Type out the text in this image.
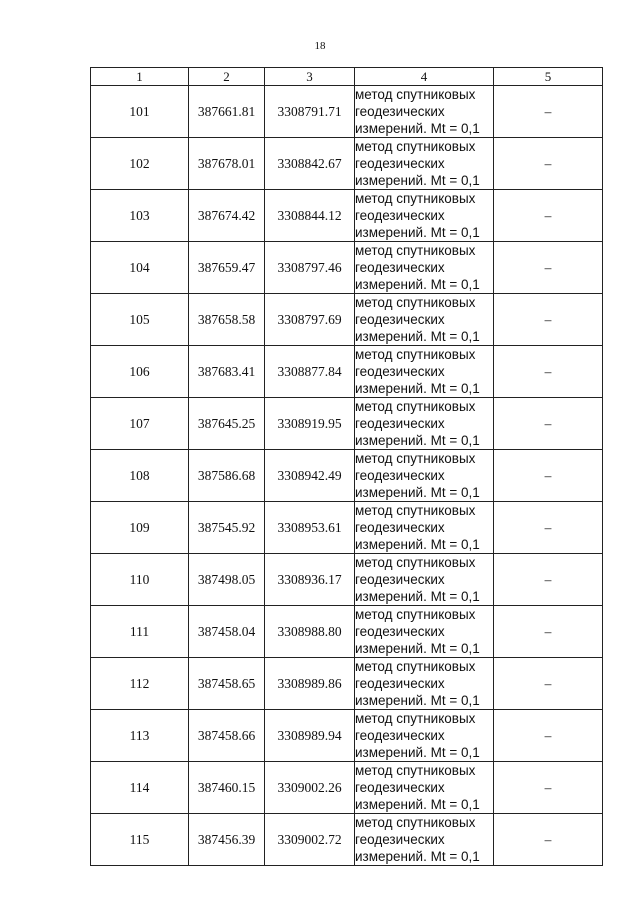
18
1	2	3	4	5
101	387661.81	3308791.71	метод спутниковых
геодезических
измерений. Mt = 0,1	–
102	387678.01	3308842.67	метод спутниковых
геодезических
измерений. Mt = 0,1	–
103	387674.42	3308844.12	метод спутниковых
геодезических
измерений. Mt = 0,1	–
104	387659.47	3308797.46	метод спутниковых
геодезических
измерений. Mt = 0,1	–
105	387658.58	3308797.69	метод спутниковых
геодезических
измерений. Mt = 0,1	–
106	387683.41	3308877.84	метод спутниковых
геодезических
измерений. Mt = 0,1	–
107	387645.25	3308919.95	метод спутниковых
геодезических
измерений. Mt = 0,1	–
108	387586.68	3308942.49	метод спутниковых
геодезических
измерений. Mt = 0,1	–
109	387545.92	3308953.61	метод спутниковых
геодезических
измерений. Mt = 0,1	–
110	387498.05	3308936.17	метод спутниковых
геодезических
измерений. Mt = 0,1	–
111	387458.04	3308988.80	метод спутниковых
геодезических
измерений. Mt = 0,1	–
112	387458.65	3308989.86	метод спутниковых
геодезических
измерений. Mt = 0,1	–
113	387458.66	3308989.94	метод спутниковых
геодезических
измерений. Mt = 0,1	–
114	387460.15	3309002.26	метод спутниковых
геодезических
измерений. Mt = 0,1	–
115	387456.39	3309002.72	метод спутниковых
геодезических
измерений. Mt = 0,1	–
